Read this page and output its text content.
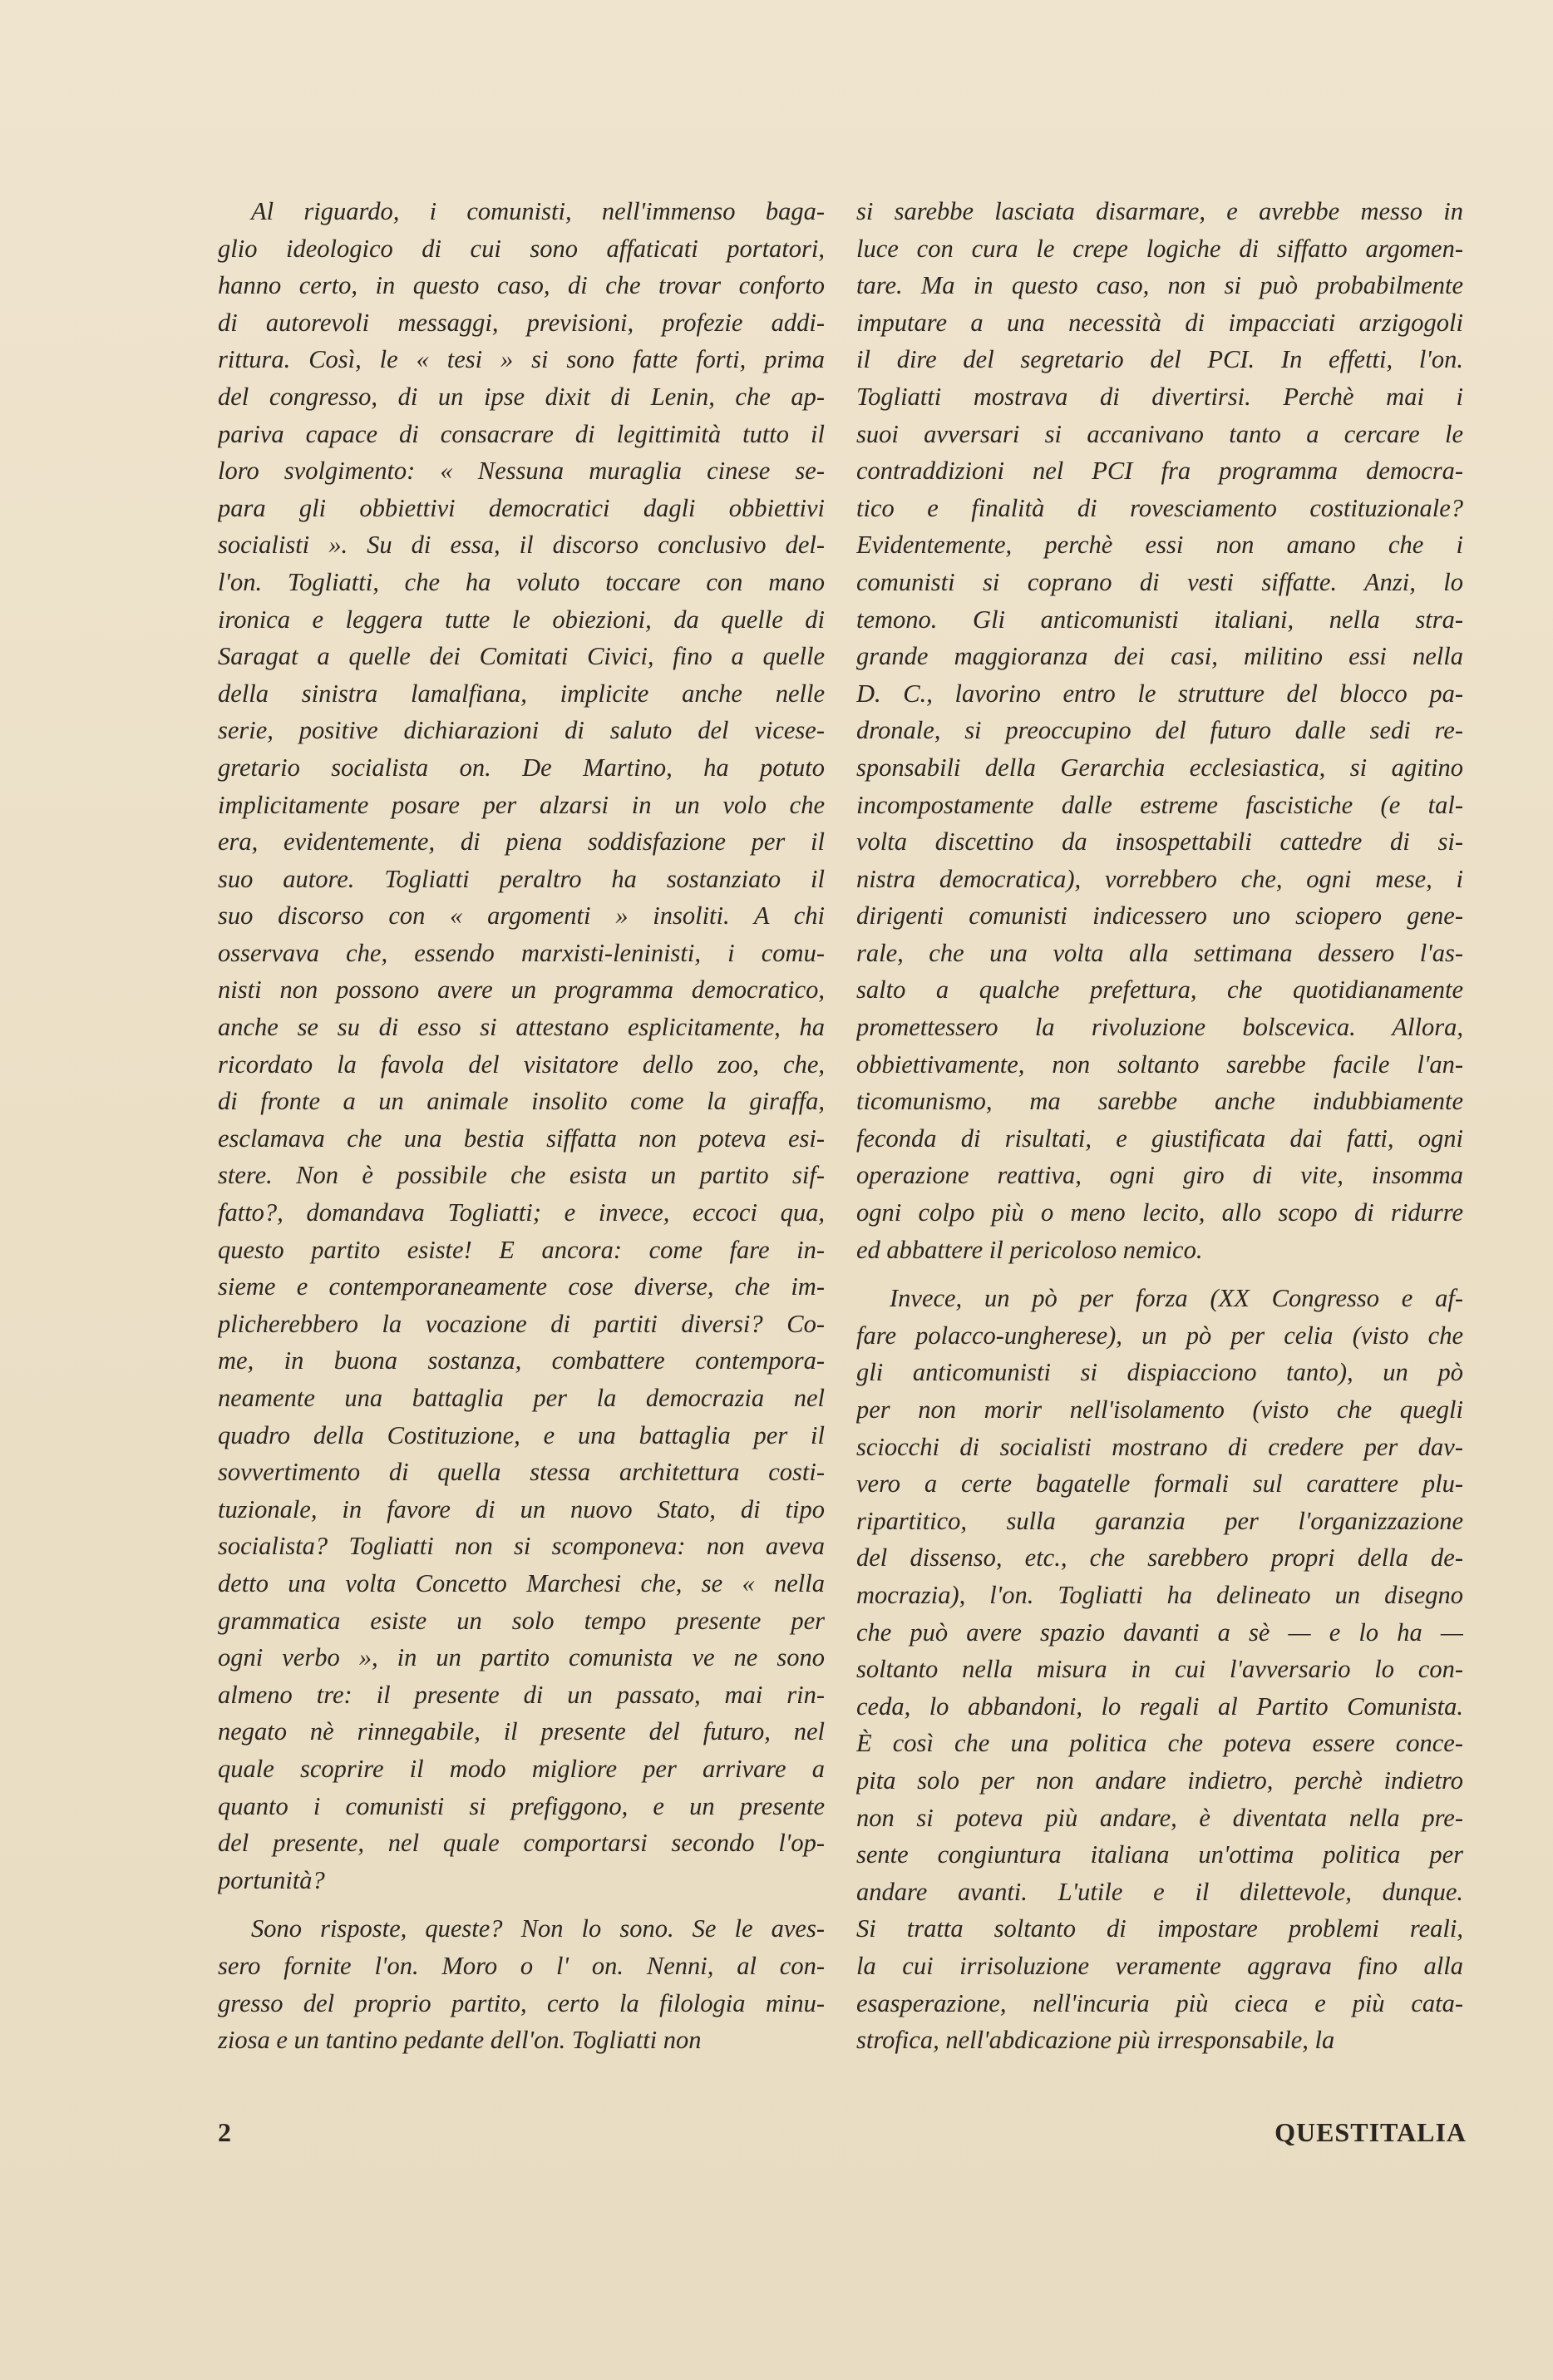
Al riguardo, i comunisti, nell'immenso baga-
glio ideologico di cui sono affaticati portatori,
hanno certo, in questo caso, di che trovar conforto
di autorevoli messaggi, previsioni, profezie addi-
rittura. Così, le « tesi » si sono fatte forti, prima
del congresso, di un ipse dixit di Lenin, che ap-
pariva capace di consacrare di legittimità tutto il
loro svolgimento: « Nessuna muraglia cinese se-
para gli obbiettivi democratici dagli obbiettivi
socialisti ». Su di essa, il discorso conclusivo del-
l'on. Togliatti, che ha voluto toccare con mano
ironica e leggera tutte le obiezioni, da quelle di
Saragat a quelle dei Comitati Civici, fino a quelle
della sinistra lamalfiana, implicite anche nelle
serie, positive dichiarazioni di saluto del vicese-
gretario socialista on. De Martino, ha potuto
implicitamente posare per alzarsi in un volo che
era, evidentemente, di piena soddisfazione per il
suo autore. Togliatti peraltro ha sostanziato il
suo discorso con « argomenti » insoliti. A chi
osservava che, essendo marxisti-leninisti, i comu-
nisti non possono avere un programma democratico,
anche se su di esso si attestano esplicitamente, ha
ricordato la favola del visitatore dello zoo, che,
di fronte a un animale insolito come la giraffa,
esclamava che una bestia siffatta non poteva esi-
stere. Non è possibile che esista un partito sif-
fatto?, domandava Togliatti; e invece, eccoci qua,
questo partito esiste! E ancora: come fare in-
sieme e contemporaneamente cose diverse, che im-
plicherebbero la vocazione di partiti diversi? Co-
me, in buona sostanza, combattere contempora-
neamente una battaglia per la democrazia nel
quadro della Costituzione, e una battaglia per il
sovvertimento di quella stessa architettura costi-
tuzionale, in favore di un nuovo Stato, di tipo
socialista? Togliatti non si scomponeva: non aveva
detto una volta Concetto Marchesi che, se « nella
grammatica esiste un solo tempo presente per
ogni verbo », in un partito comunista ve ne sono
almeno tre: il presente di un passato, mai rin-
negato nè rinnegabile, il presente del futuro, nel
quale scoprire il modo migliore per arrivare a
quanto i comunisti si prefiggono, e un presente
del presente, nel quale comportarsi secondo l'op-
portunità?
Sono risposte, queste? Non lo sono. Se le aves-
sero fornite l'on. Moro o l' on. Nenni, al con-
gresso del proprio partito, certo la filologia minu-
ziosa e un tantino pedante dell'on. Togliatti non
si sarebbe lasciata disarmare, e avrebbe messo in
luce con cura le crepe logiche di siffatto argomen-
tare. Ma in questo caso, non si può probabilmente
imputare a una necessità di impacciati arzigogoli
il dire del segretario del PCI. In effetti, l'on.
Togliatti mostrava di divertirsi. Perchè mai i
suoi avversari si accanivano tanto a cercare le
contraddizioni nel PCI fra programma democra-
tico e finalità di rovesciamento costituzionale?
Evidentemente, perchè essi non amano che i
comunisti si coprano di vesti siffatte. Anzi, lo
temono. Gli anticomunisti italiani, nella stra-
grande maggioranza dei casi, militino essi nella
D. C., lavorino entro le strutture del blocco pa-
dronale, si preoccupino del futuro dalle sedi re-
sponsabili della Gerarchia ecclesiastica, si agitino
incompostamente dalle estreme fascistiche (e tal-
volta discettino da insospettabili cattedre di si-
nistra democratica), vorrebbero che, ogni mese, i
dirigenti comunisti indicessero uno sciopero gene-
rale, che una volta alla settimana dessero l'as-
salto a qualche prefettura, che quotidianamente
promettessero la rivoluzione bolscevica. Allora,
obbiettivamente, non soltanto sarebbe facile l'an-
ticomunismo, ma sarebbe anche indubbiamente
feconda di risultati, e giustificata dai fatti, ogni
operazione reattiva, ogni giro di vite, insomma
ogni colpo più o meno lecito, allo scopo di ridurre
ed abbattere il pericoloso nemico.
Invece, un pò per forza (XX Congresso e af-
fare polacco-ungherese), un pò per celia (visto che
gli anticomunisti si dispiacciono tanto), un pò
per non morir nell'isolamento (visto che quegli
sciocchi di socialisti mostrano di credere per dav-
vero a certe bagatelle formali sul carattere plu-
ripartitico, sulla garanzia per l'organizzazione
del dissenso, etc., che sarebbero propri della de-
mocrazia), l'on. Togliatti ha delineato un disegno
che può avere spazio davanti a sè — e lo ha —
soltanto nella misura in cui l'avversario lo con-
ceda, lo abbandoni, lo regali al Partito Comunista.
È così che una politica che poteva essere conce-
pita solo per non andare indietro, perchè indietro
non si poteva più andare, è diventata nella pre-
sente congiuntura italiana un'ottima politica per
andare avanti. L'utile e il dilettevole, dunque.
Si tratta soltanto di impostare problemi reali,
la cui irrisoluzione veramente aggrava fino alla
esasperazione, nell'incuria più cieca e più cata-
strofica, nell'abdicazione più irresponsabile, la
2	QUESTITALIA
